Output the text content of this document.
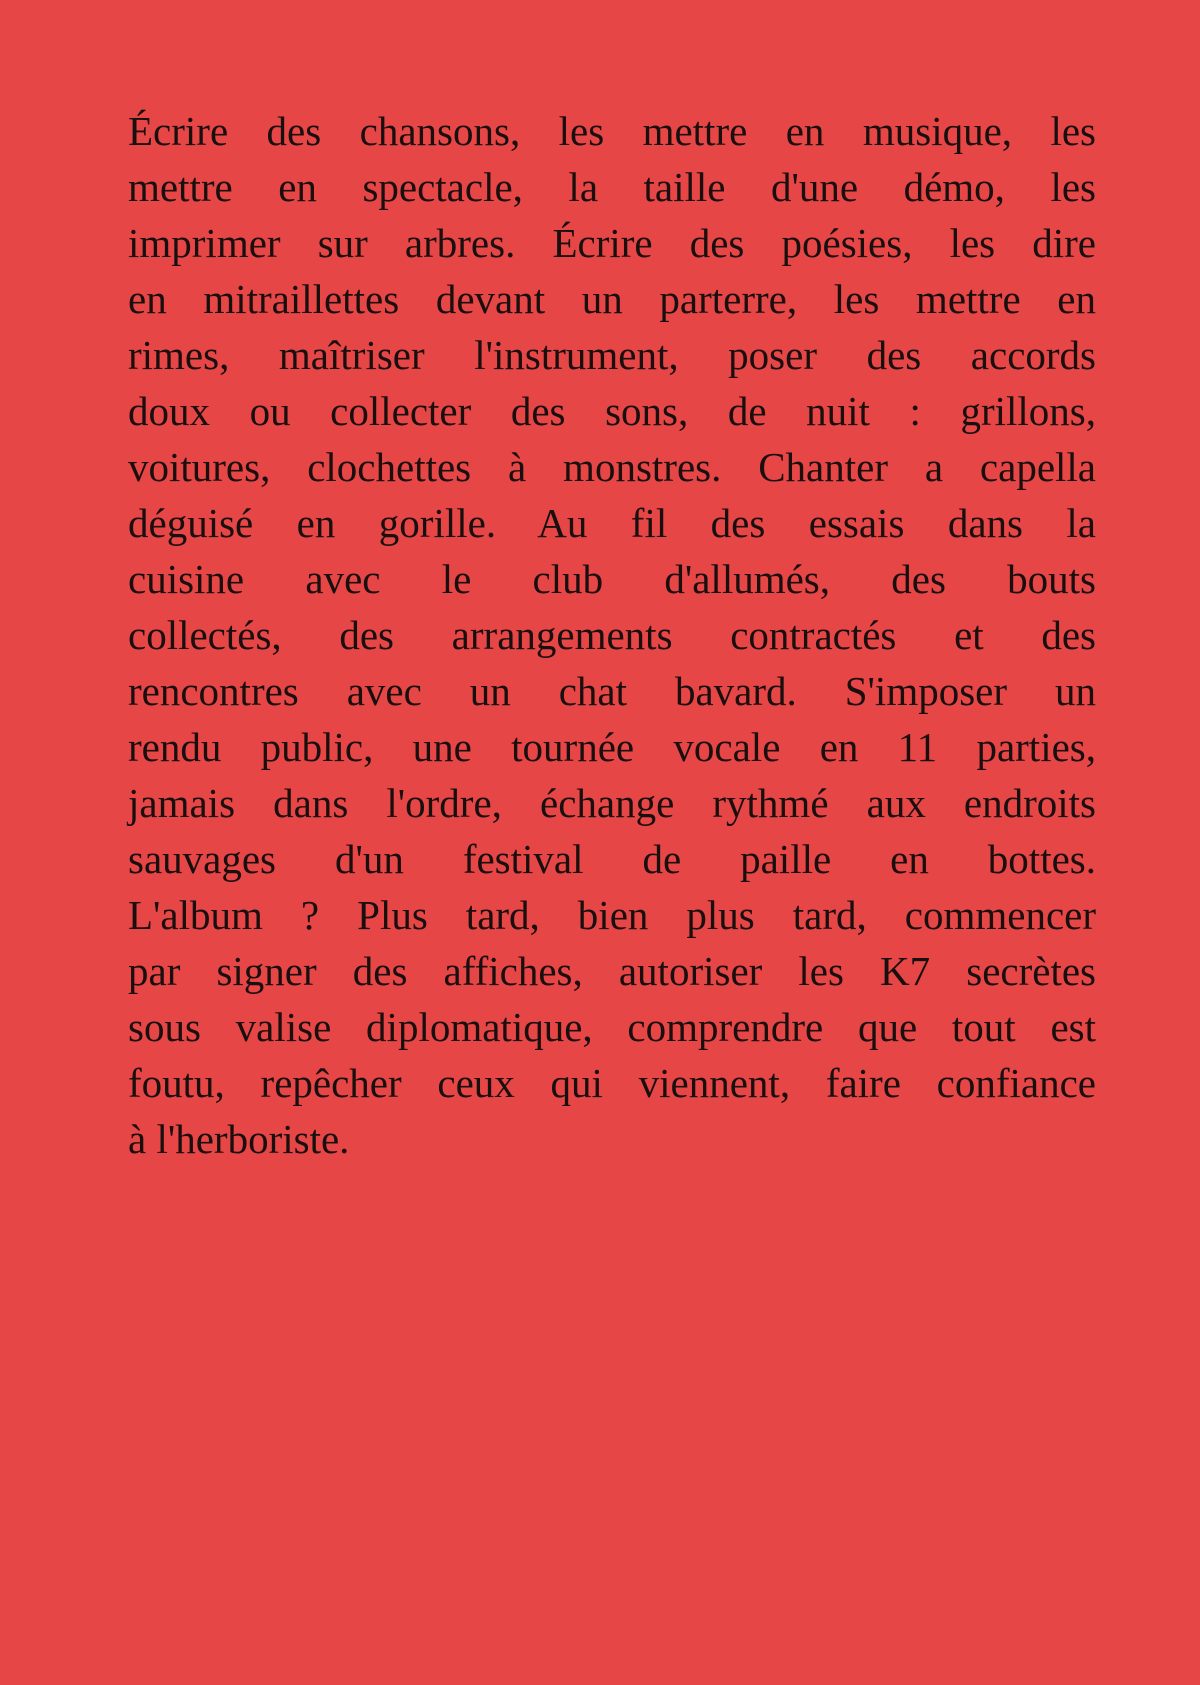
Écrire des chansons, les mettre en musique, les
mettre en spectacle, la taille d'une démo, les
imprimer sur arbres. Écrire des poésies, les dire
en mitraillettes devant un parterre, les mettre en
rimes, maîtriser l'instrument, poser des accords
doux ou collecter des sons, de nuit : grillons,
voitures, clochettes à monstres. Chanter a capella
déguisé en gorille. Au fil des essais dans la
cuisine avec le club d'allumés, des bouts
collectés, des arrangements contractés et des
rencontres avec un chat bavard. S'imposer un
rendu public, une tournée vocale en 11 parties,
jamais dans l'ordre, échange rythmé aux endroits
sauvages d'un festival de paille en bottes.
L'album ? Plus tard, bien plus tard, commencer
par signer des affiches, autoriser les K7 secrètes
sous valise diplomatique, comprendre que tout est
foutu, repêcher ceux qui viennent, faire confiance
à l'herboriste.
